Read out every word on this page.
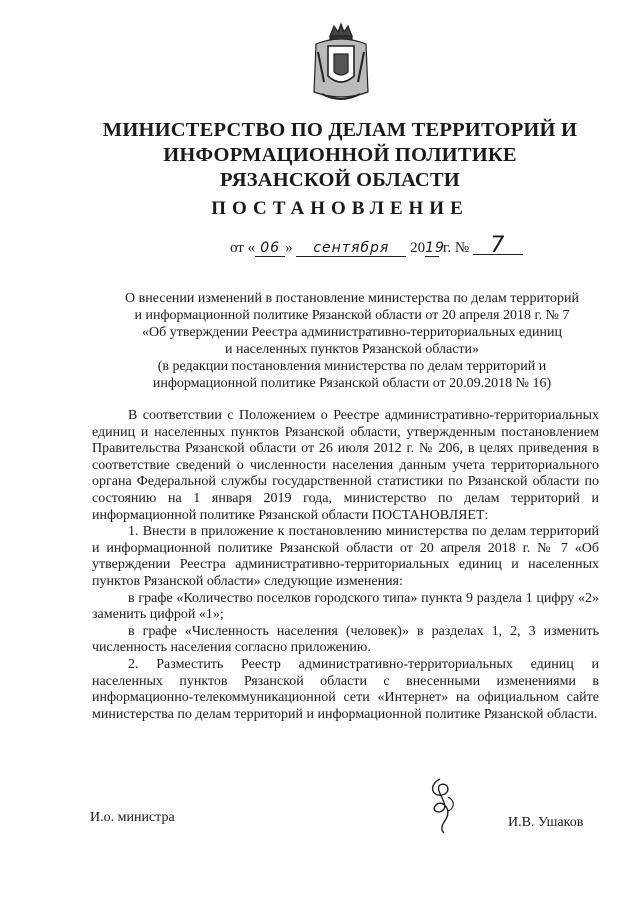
МИНИСТЕРСТВО ПО ДЕЛАМ ТЕРРИТОРИЙ И
ИНФОРМАЦИОННОЙ ПОЛИТИКЕ
РЯЗАНСКОЙ ОБЛАСТИ
ПОСТАНОВЛЕНИЕ
от « 06 » сентября 2019 г. № 7
О внесении изменений в постановление министерства по делам территорий
и информационной политике Рязанской области от 20 апреля 2018 г. № 7
«Об утверждении Реестра административно-территориальных единиц
и населенных пунктов Рязанской области»
(в редакции постановления министерства по делам территорий и
информационной политике Рязанской области от 20.09.2018 № 16)

В соответствии с Положением о Реестре административно-территориальных единиц и населенных пунктов Рязанской области, утвержденным постановлением Правительства Рязанской области от 26 июля 2012 г. № 206, в целях приведения в соответствие сведений о численности населения данным учета территориального органа Федеральной службы государственной статистики по Рязанской области по состоянию на 1 января 2019 года, министерство по делам территорий и информационной политике Рязанской области ПОСТАНОВЛЯЕТ:

1. Внести в приложение к постановлению министерства по делам территорий и информационной политике Рязанской области от 20 апреля 2018 г. № 7 «Об утверждении Реестра административно-территориальных единиц и населенных пунктов Рязанской области» следующие изменения:

в графе «Количество поселков городского типа» пункта 9 раздела 1 цифру «2» заменить цифрой «1»;

в графе «Численность населения (человек)» в разделах 1, 2, 3 изменить численность населения согласно приложению.

2. Разместить Реестр административно-территориальных единиц и населенных пунктов Рязанской области с внесенными изменениями в информационно-телекоммуникационной сети «Интернет» на официальном сайте министерства по делам территорий и информационной политике Рязанской области.

И.о. министра	И.В. Ушаков
